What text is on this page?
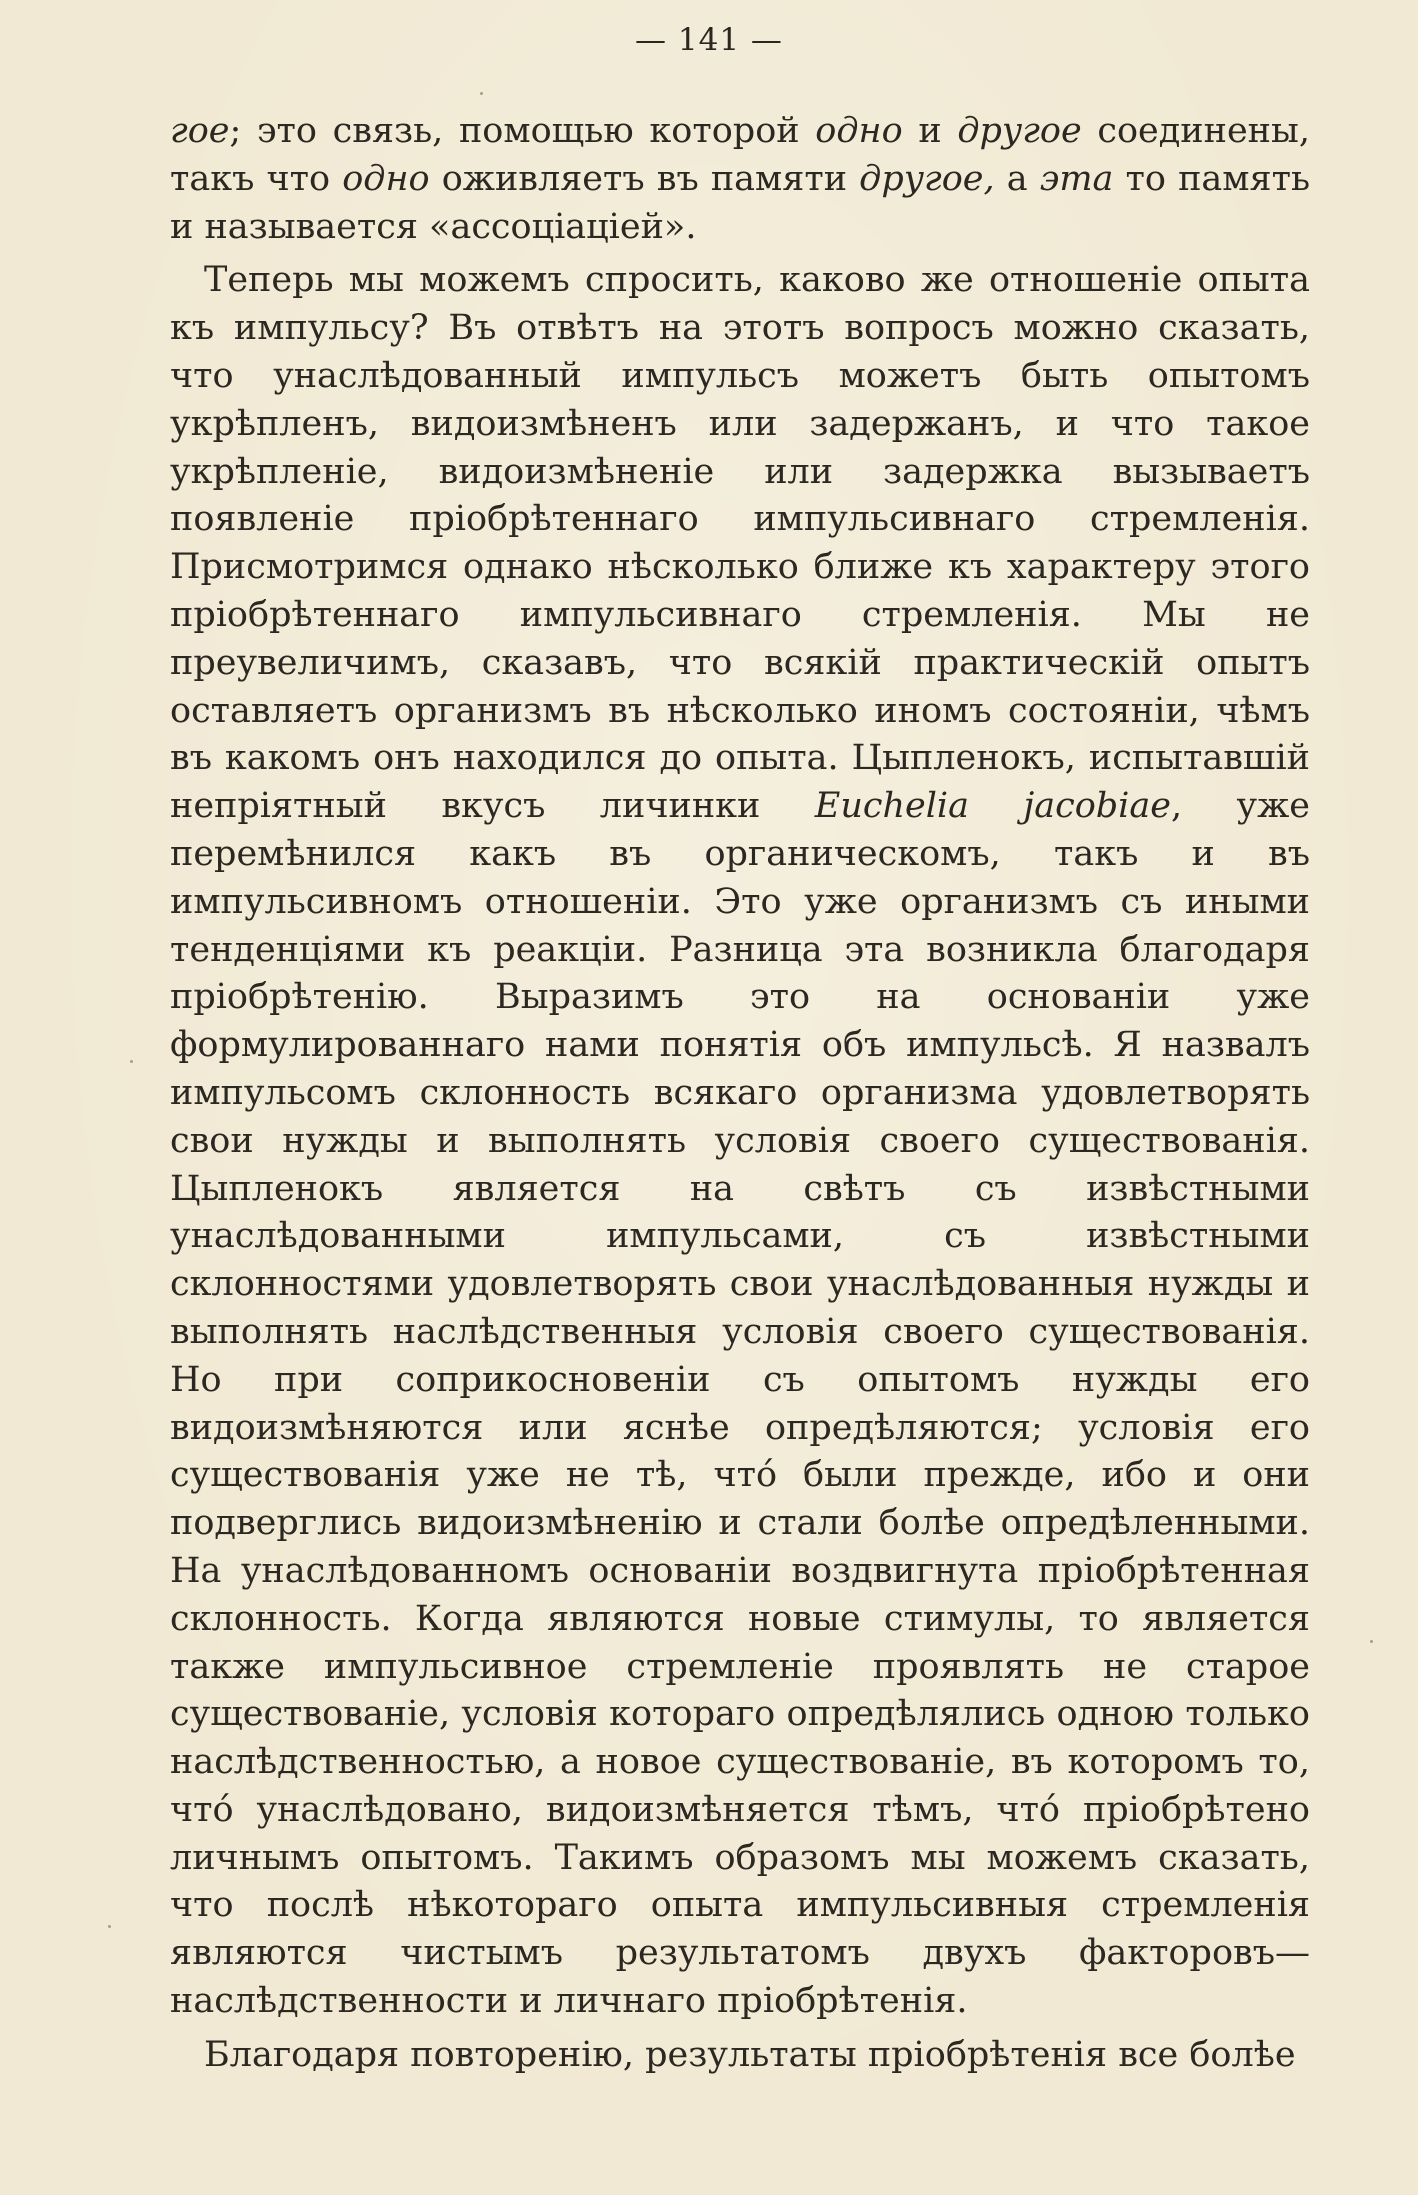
— 141 —

гое; это связь, помощью которой одно и другое соединены, такъ что одно оживляетъ въ памяти другое, а эта то память и называется «ассоціацiей».

Теперь мы можемъ спросить, каково же отношенiе опыта къ импульсу? Въ отвѣтъ на этотъ вопросъ можно сказать, что унаслѣдованный импульсъ можетъ быть опытомъ укрѣпленъ, видоизмѣненъ или задержанъ, и что такое укрѣпленiе, видоизмѣненiе или задержка вызываетъ появленiе прiобрѣтеннаго импульсивнаго стремленiя. Присмотримся однако нѣсколько ближе къ характеру этого прiобрѣтеннаго импульсивнаго стремленiя. Мы не преувеличимъ, сказавъ, что всякiй практическiй опытъ оставляетъ организмъ въ нѣсколько иномъ состоянiи, чѣмъ въ какомъ онъ находился до опыта. Цыпленокъ, испытавшiй непрiятный вкусъ личинки Eucheliа jacobiae, уже перемѣнился какъ въ органическомъ, такъ и въ импульсивномъ отношенiи. Это уже организмъ съ иными тенденцiями къ реакцiи. Разница эта возникла благодаря прiобрѣтенiю. Выразимъ это на основанiи уже формулированнаго нами понятiя объ импульсѣ. Я назвалъ импульсомъ склонность всякаго организма удовлетворять свои нужды и выполнять условiя своего существованiя. Цыпленокъ является на свѣтъ съ извѣстными унаслѣдованными импульсами, съ извѣстными склонностями удовлетворять свои унаслѣдованныя нужды и выполнять наслѣдственныя условiя своего существованiя. Но при соприкосновенiи съ опытомъ нужды его видоизмѣняются или яснѣе опредѣляются; условiя его существованiя уже не тѣ, чтó были прежде, ибо и они подверглись видоизмѣненiю и стали болѣе опредѣленными. На унаслѣдованномъ основанiи воздвигнута прiобрѣтенная склонность. Когда являются новые стимулы, то является также импульсивное стремленiе проявлять не старое существованiе, условiя котораго опредѣлялись одною только наслѣдственностью, а новое существованiе, въ которомъ то, чтó унаслѣдовано, видоизмѣняется тѣмъ, чтó прiобрѣтено личнымъ опытомъ. Такимъ образомъ мы можемъ сказать, что послѣ нѣкотораго опыта импульсивныя стремленiя являются чистымъ результатомъ двухъ факторовъ—наслѣдственности и личнаго прiобрѣтенiя.

Благодаря повторенiю, результаты прiобрѣтенiя все болѣе
